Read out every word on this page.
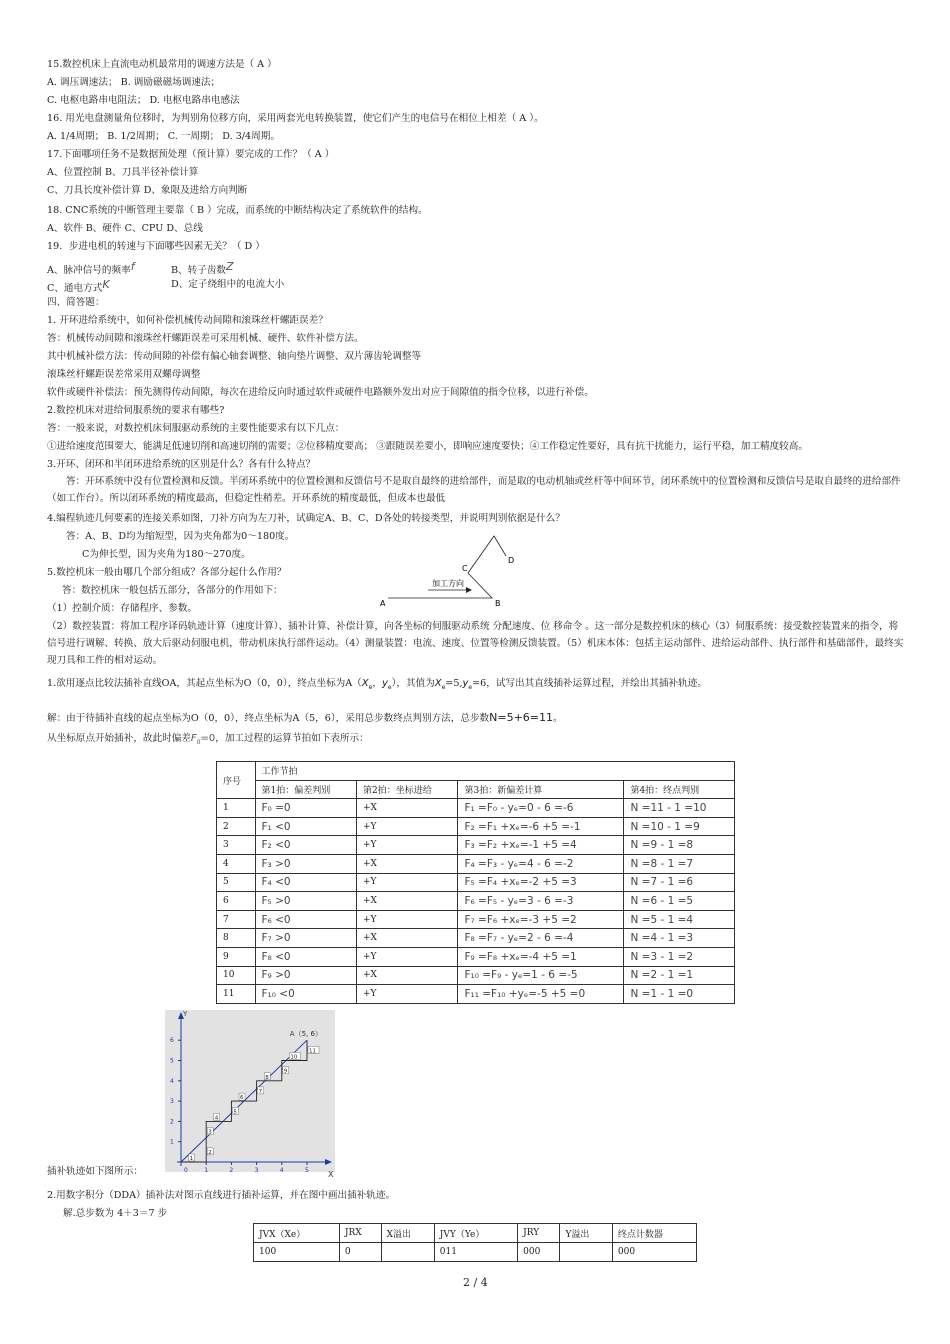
15.数控机床上直流电动机最常用的调速方法是（ A ）
A. 调压调速法； B. 调励磁磁场调速法；
C. 电枢电路串电阻法； D. 电枢电路串电感法
16. 用光电盘测量角位移时，为判别角位移方向，采用两套光电转换装置，使它们产生的电信号在相位上相差（ A ）。
A. 1/4周期； B. 1/2周期； C. 一周期； D. 3/4周期。
17.下面哪项任务不是数据预处理（预计算）要完成的工作？（ A ）
A、位置控制 B、刀具半径补偿计算
C、刀具长度补偿计算 D、象限及进给方向判断
18. CNC系统的中断管理主要靠（ B ）完成，而系统的中断结构决定了系统软件的结构。
A、软件 B、硬件 C、CPU D、总线
19．步进电机的转速与下面哪些因素无关？（ D ）
A、脉冲信号的频率f	B、转子齿数Z
C、通电方式K	D、定子绕组中的电流大小
四、简答题：
1. 开环进给系统中，如何补偿机械传动间隙和滚珠丝杆螺距误差？
答：机械传动间隙和滚珠丝杆螺距误差可采用机械、硬件、软件补偿方法。
其中机械补偿方法：传动间隙的补偿有偏心轴套调整、轴向垫片调整、双片薄齿轮调整等
滚珠丝杆螺距误差常采用双螺母调整
软件或硬件补偿法：预先测得传动间隙，每次在进给反向时通过软件或硬件电路额外发出对应于间隙值的指令位移，以进行补偿。
2.数控机床对进给伺服系统的要求有哪些?
答：一般来说，对数控机床伺服驱动系统的主要性能要求有以下几点：
①进给速度范围要大，能满足低速切削和高速切削的需要；②位移精度要高； ③跟随误差要小，即响应速度要快；④工作稳定性要好，具有抗干扰能力，运行平稳，加工精度较高。
3.开环、闭环和半闭环进给系统的区别是什么？各有什么特点？
答：开环系统中没有位置检测和反馈。半闭环系统中的位置检测和反馈信号不是取自最终的进给部件，而是取的电动机轴或丝杆等中间环节，闭环系统中的位置检测和反馈信号是取自最终的进给部件（如工作台）。所以闭环系统的精度最高，但稳定性稍差。开环系统的精度最低，但成本也最低
4.编程轨迹几何要素的连接关系如图，刀补方向为左刀补，试确定A、B、C、D各处的转接类型，并说明判别依据是什么？
答：A、B、D均为缩短型，因为夹角都为0～180度。
C为伸长型，因为夹角为180～270度。
5.数控机床一般由哪几个部分组成？各部分起什么作用？
答：数控机床一般包括五部分，各部分的作用如下：
（1）控制介质：存储程序、参数。
（2）数控装置：将加工程序译码轨迹计算（速度计算）、插补计算、补偿计算，向各坐标的伺服驱动系统 分配速度、位 移命令 。这一部分是数控机床的核心（3）伺服系统：接受数控装置来的指令，将信号进行调解、转换、放大后驱动伺服电机，带动机床执行部件运动。（4）测量装置：电流、速度、位置等检测反馈装置。（5）机床本体：包括主运动部件、进给运动部件、执行部件和基础部件，最终实现刀具和工件的相对运动。
A	B
C
D
加工方向
1.欲用逐点比较法插补直线OA，其起点坐标为O（0，0），终点坐标为$A(X_e$，$y_e$），其值为$X_e=5,y_e=6$，试写出其直线插补运算过程，并绘出其插补轨迹。
解：由于待插补直线的起点坐标为O（0，0），终点坐标为A（5，6），采用总步数终点判别方法，总步数N=5+6=11。
从坐标原点开始插补，故此时偏差$F_0=0$，加工过程的运算节拍如下表所示：
序号	工作节拍			
	第1拍：偏差判别	第2拍：坐标进给	第3拍：新偏差计算	第4拍：终点判别
1	F₀ =0	+X	F₁ =F₀ - yₑ=0 - 6 =-6	N =11 - 1 =10
2	F₁ <0	+Y	F₂ =F₁ +xₑ=-6 +5 =-1	N =10 - 1 =9
3	F₂ <0	+Y	F₃ =F₂ +xₑ=-1 +5 =4	N =9 - 1 =8
4	F₃ >0	+X	F₄ =F₃ - yₑ=4 - 6 =-2	N =8 - 1 =7
5	F₄ <0	+Y	F₅ =F₄ +xₑ=-2 +5 =3	N =7 - 1 =6
6	F₅ >0	+X	F₆ =F₅ - yₑ=3 - 6 =-3	N =6 - 1 =5
7	F₆ <0	+Y	F₇ =F₆ +xₑ=-3 +5 =2	N =5 - 1 =4
8	F₇ >0	+X	F₈ =F₇ - yₑ=2 - 6 =-4	N =4 - 1 =3
9	F₈ <0	+Y	F₉ =F₈ +xₑ=-4 +5 =1	N =3 - 1 =2
10	F₉ >0	+X	F₁₀ =F₉ - yₑ=1 - 6 =-5	N =2 - 1 =1
11	F₁₀ <0	+Y	F₁₁ =F₁₀ +yₑ=-5 +5 =0	N =1 - 1 =0
1	2	3	4	5
1
2
3
4
5
6
0	X
Y
1
2
3
4
5
6
7
8
9
10
11
A（5, 6）
插补轨迹如下图所示：
2.用数字积分（DDA）插补法对图示直线进行插补运算，并在图中画出插补轨迹。
解.总步数为 4＋3＝7 步
JVX（Xe）	JRX	X溢出	JVY（Ye）	JRY	Y溢出	终点计数器
100	0		011	000		000
2 / 4
